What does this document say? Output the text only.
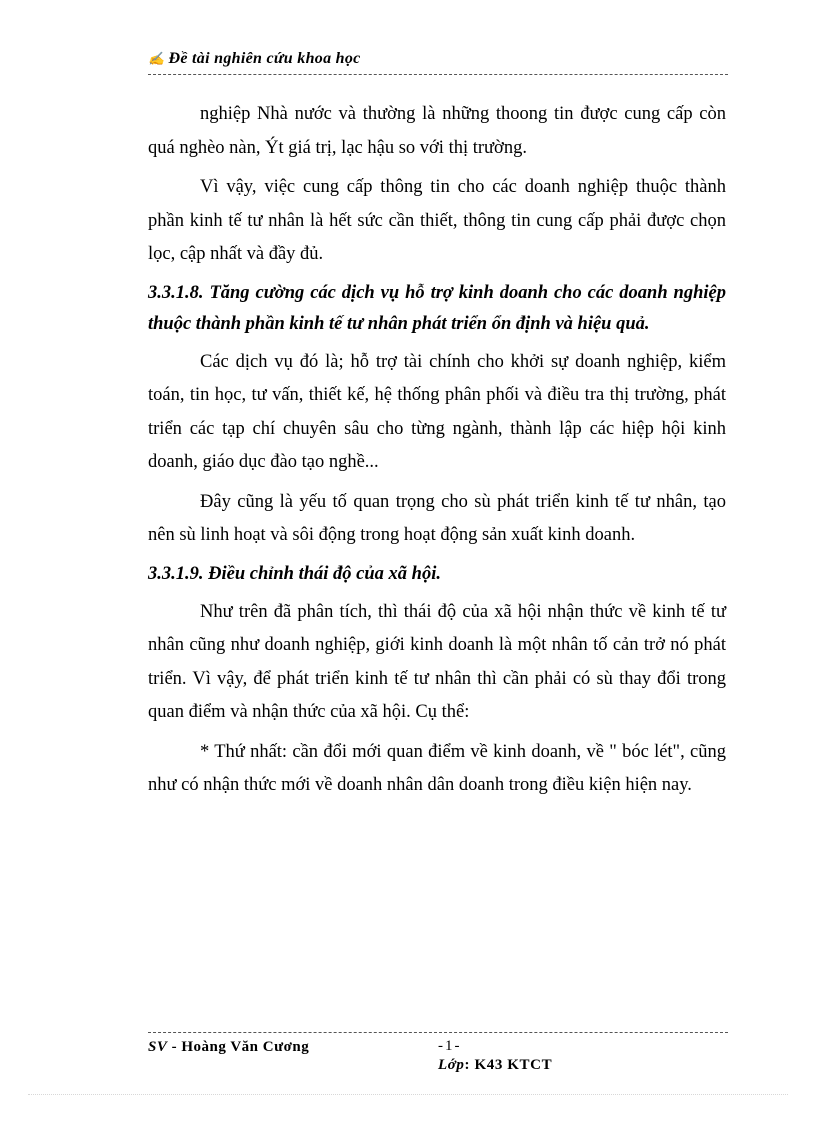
✍ Đề tài nghiên cứu khoa học

nghiệp Nhà nước và thường là những thoong tin được cung cấp còn quá nghèo nàn, Ýt giá trị, lạc hậu so với thị trường.

Vì vậy, việc cung cấp thông tin cho các doanh nghiệp thuộc thành phần kinh tế tư nhân là hết sức cần thiết, thông tin cung cấp phải được chọn lọc, cập nhất và đầy đủ.

3.3.1.8. Tăng cường các dịch vụ hỗ trợ kinh doanh cho các doanh nghiệp thuộc thành phần kinh tế tư nhân phát triển ổn định và hiệu quả.

Các dịch vụ đó là; hỗ trợ tài chính cho khởi sự doanh nghiệp, kiểm toán, tin học, tư vấn, thiết kế, hệ thống phân phối và điều tra thị trường, phát triển các tạp chí chuyên sâu cho từng ngành, thành lập các hiệp hội kinh doanh, giáo dục đào tạo nghề...

Đây cũng là yếu tố quan trọng cho sù phát triển kinh tế tư nhân, tạo nên sù linh hoạt và sôi động trong hoạt động sản xuất kinh doanh.

3.3.1.9. Điều chỉnh thái độ của xã hội.

Như trên đã phân tích, thì thái độ của xã hội nhận thức về kinh tế tư nhân cũng như doanh nghiệp, giới kinh doanh là một nhân tố cản trở nó phát triển. Vì vậy, để phát triển kinh tế tư nhân thì cần phải có sù thay đổi trong quan điểm và nhận thức của xã hội. Cụ thể:

* Thứ nhất: cần đổi mới quan điểm về kinh doanh, về " bóc lét", cũng như có nhận thức mới về doanh nhân dân doanh trong điều kiện hiện nay.

SV - Hoàng Văn Cương	-1-
Lớp: K43 KTCT
